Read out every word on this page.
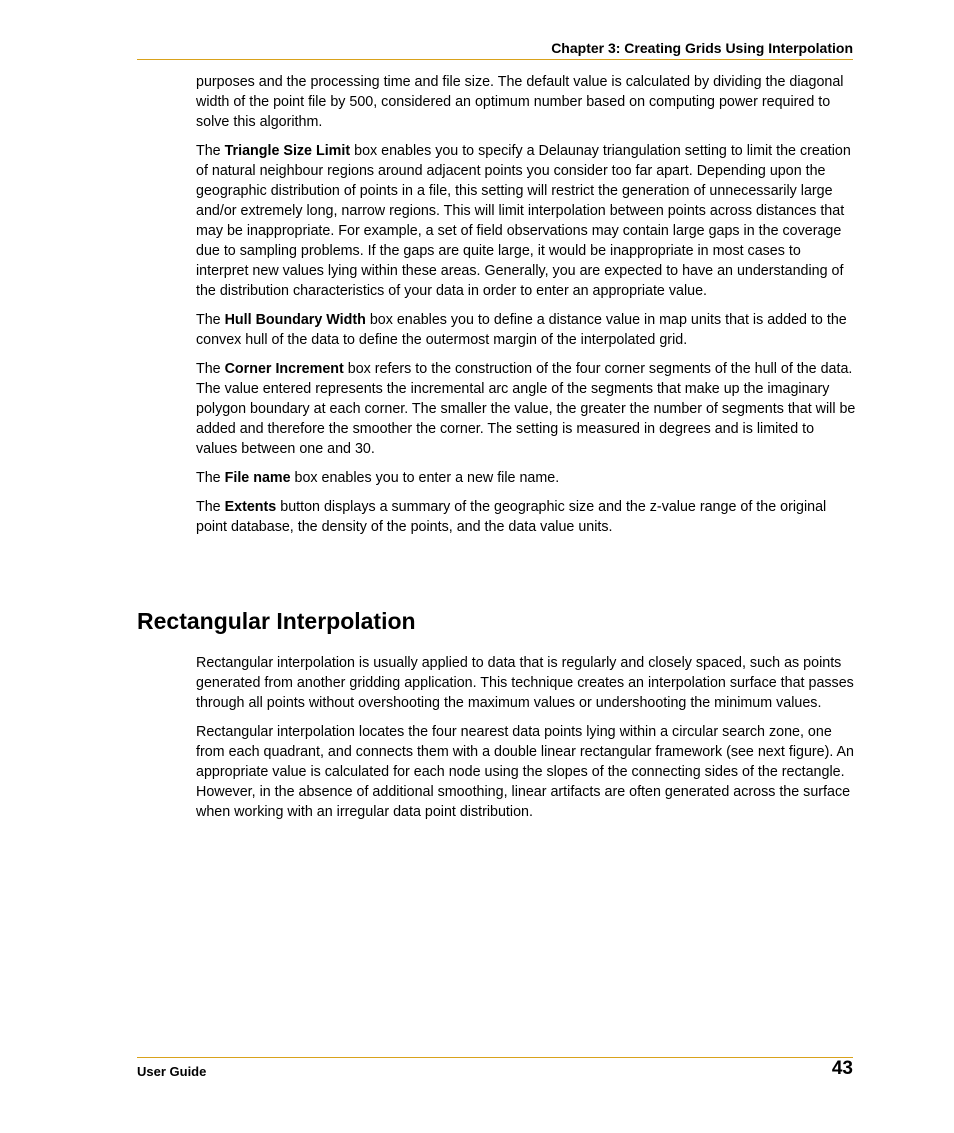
Chapter 3: Creating Grids Using Interpolation

purposes and the processing time and file size. The default value is calculated by dividing the diagonal width of the point file by 500, considered an optimum number based on computing power required to solve this algorithm.

The Triangle Size Limit box enables you to specify a Delaunay triangulation setting to limit the creation of natural neighbour regions around adjacent points you consider too far apart. Depending upon the geographic distribution of points in a file, this setting will restrict the generation of unnecessarily large and/or extremely long, narrow regions. This will limit interpolation between points across distances that may be inappropriate. For example, a set of field observations may contain large gaps in the coverage due to sampling problems. If the gaps are quite large, it would be inappropriate in most cases to interpret new values lying within these areas. Generally, you are expected to have an understanding of the distribution characteristics of your data in order to enter an appropriate value.

The Hull Boundary Width box enables you to define a distance value in map units that is added to the convex hull of the data to define the outermost margin of the interpolated grid.

The Corner Increment box refers to the construction of the four corner segments of the hull of the data. The value entered represents the incremental arc angle of the segments that make up the imaginary polygon boundary at each corner. The smaller the value, the greater the number of segments that will be added and therefore the smoother the corner. The setting is measured in degrees and is limited to values between one and 30.

The File name box enables you to enter a new file name.

The Extents button displays a summary of the geographic size and the z-value range of the original point database, the density of the points, and the data value units.

Rectangular Interpolation

Rectangular interpolation is usually applied to data that is regularly and closely spaced, such as points generated from another gridding application. This technique creates an interpolation surface that passes through all points without overshooting the maximum values or undershooting the minimum values.

Rectangular interpolation locates the four nearest data points lying within a circular search zone, one from each quadrant, and connects them with a double linear rectangular framework (see next figure). An appropriate value is calculated for each node using the slopes of the connecting sides of the rectangle. However, in the absence of additional smoothing, linear artifacts are often generated across the surface when working with an irregular data point distribution.

User Guide	43
